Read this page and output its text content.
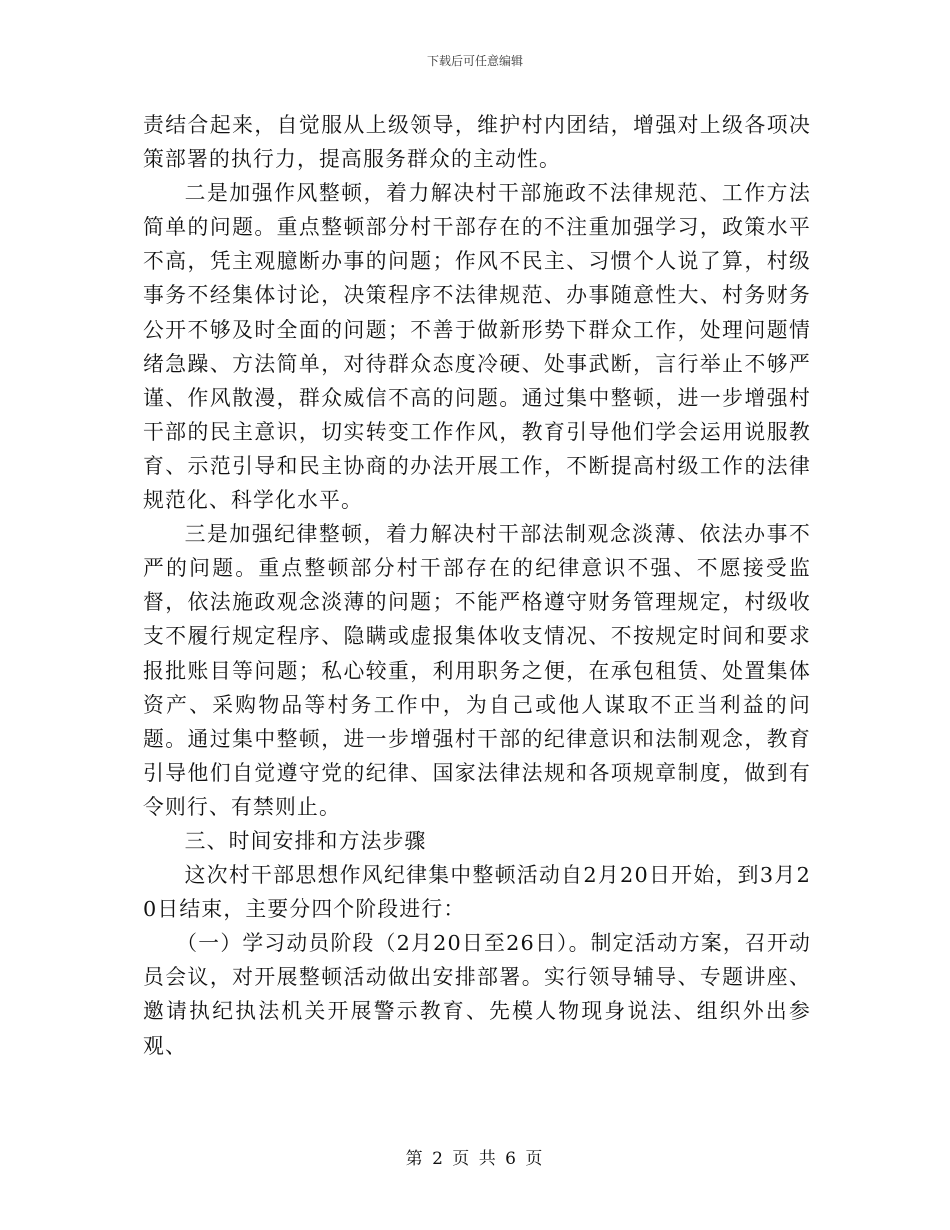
下载后可任意编辑

责结合起来，自觉服从上级领导，维护村内团结，增强对上级各项决策部署的执行力，提高服务群众的主动性。

二是加强作风整顿，着力解决村干部施政不法律规范、工作方法简单的问题。重点整顿部分村干部存在的不注重加强学习，政策水平不高，凭主观臆断办事的问题；作风不民主、习惯个人说了算，村级事务不经集体讨论，决策程序不法律规范、办事随意性大、村务财务公开不够及时全面的问题；不善于做新形势下群众工作，处理问题情绪急躁、方法简单，对待群众态度冷硬、处事武断，言行举止不够严谨、作风散漫，群众威信不高的问题。通过集中整顿，进一步增强村干部的民主意识，切实转变工作作风，教育引导他们学会运用说服教育、示范引导和民主协商的办法开展工作，不断提高村级工作的法律规范化、科学化水平。

三是加强纪律整顿，着力解决村干部法制观念淡薄、依法办事不严的问题。重点整顿部分村干部存在的纪律意识不强、不愿接受监督，依法施政观念淡薄的问题；不能严格遵守财务管理规定，村级收支不履行规定程序、隐瞒或虚报集体收支情况、不按规定时间和要求报批账目等问题；私心较重，利用职务之便，在承包租赁、处置集体资产、采购物品等村务工作中，为自己或他人谋取不正当利益的问题。通过集中整顿，进一步增强村干部的纪律意识和法制观念，教育引导他们自觉遵守党的纪律、国家法律法规和各项规章制度，做到有令则行、有禁则止。

三、时间安排和方法步骤

这次村干部思想作风纪律集中整顿活动自2月20日开始，到3月20日结束，主要分四个阶段进行：

（一）学习动员阶段（2月20日至26日）。制定活动方案，召开动员会议，对开展整顿活动做出安排部署。实行领导辅导、专题讲座、邀请执纪执法机关开展警示教育、先模人物现身说法、组织外出参观、

第 2 页 共 6 页
